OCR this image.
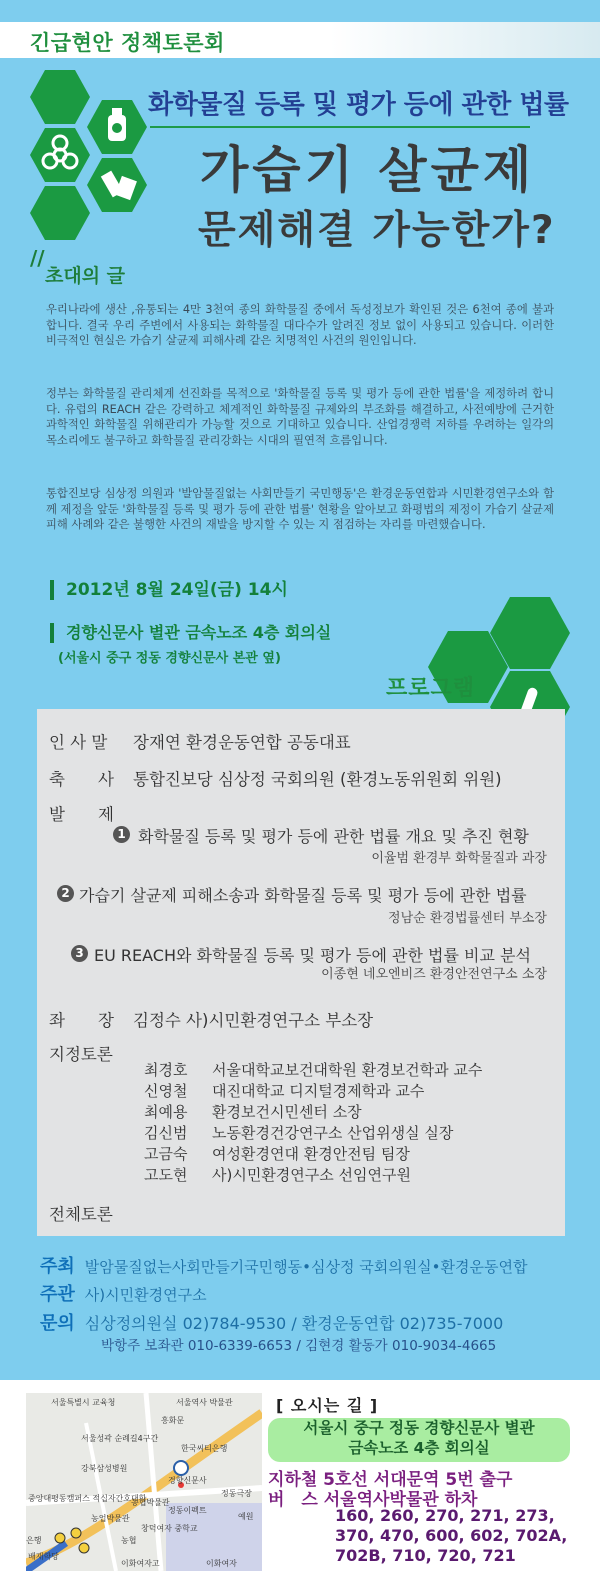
긴급현안 정책토론회
화학물질 등록 및 평가 등에 관한 법률
가습기 살균제
문제해결 가능한가?
//
초대의 글

우리나라에 생산 ,유통되는 4만 3천여 종의 화학물질 중에서 독성정보가 확인된 것은 6천여 종에 불과합니다. 결국 우리 주변에서 사용되는 화학물질 대다수가 알려진 정보 없이 사용되고 있습니다. 이러한 비극적인 현실은 가습기 살균제 피해사례 같은 치명적인 사건의 원인입니다.

정부는 화학물질 관리체계 선진화를 목적으로 '화학물질 등록 및 평가 등에 관한 법률'을 제정하려 합니다. 유럽의 REACH 같은 강력하고 체계적인 화학물질 규제와의 부조화를 해결하고, 사전예방에 근거한 과학적인 화학물질 위해관리가 가능할 것으로 기대하고 있습니다. 산업경쟁력 저하를 우려하는 일각의 목소리에도 불구하고 화학물질 관리강화는 시대의 필연적 흐름입니다.

통합진보당 심상정 의원과 '발암물질없는 사회만들기 국민행동'은 환경운동연합과 시민환경연구소와 함께 제정을 앞둔 '화학물질 등록 및 평가 등에 관한 법률' 현황을 알아보고 화평법의 제정이 가습기 살균제 피해 사례와 같은 불행한 사건의 재발을 방지할 수 있는 지 점검하는 자리를 마련했습니다.

2012년 8월 24일(금) 14시
경향신문사 별관 금속노조 4층 회의실
(서울시 중구 정동 경향신문사 본관 옆)
프로그램
인 사 말 장재연 환경운동연합 공동대표
축　　사 통합진보당 심상정 국회의원 (환경노동위원회 위원)
발　　제
1 화학물질 등록 및 평가 등에 관한 법률 개요 및 추진 현황
이율범 환경부 화학물질과 과장
2 가습기 살균제 피해소송과 화학물질 등록 및 평가 등에 관한 법률
정남순 환경법률센터 부소장
3 EU REACH와 화학물질 등록 및 평가 등에 관한 법률 비교 분석
이종현 네오엔비즈 환경안전연구소 소장
좌　　장 김정수 사)시민환경연구소 부소장
지정토론
최경호 서울대학교보건대학원 환경보건학과 교수
신영철 대진대학교 디지털경제학과 교수
최예용 환경보건시민센터 소장
김신범 노동환경건강연구소 산업위생실 실장
고금숙 여성환경연대 환경안전팀 팀장
고도현 사)시민환경연구소 선임연구원
전체토론
주최 발암물질없는사회만들기국민행동•심상정 국회의원실•환경운동연합
주관 사)시민환경연구소
문의 심상정의원실 02)784-9530 / 환경운동연합 02)735-7000
박항주 보좌관 010-6339-6653 / 김현경 활동가 010-9034-4665
서울특별시 교육청	서울역사 박물관
흥화문
서울성곽 순례길4구간
한국씨티은행
강북삼성병원
경향신문사
정동극장
중앙대평동캠퍼스 적십자간호대학
농협박물관
정동이펙트
농업박물관
창덕여자 중학교
은행	농협
이화여자고	이화여자
배재학당
예원
[ 오시는 길 ]
서울시 중구 정동 경향신문사 별관
금속노조 4층 회의실
지하철 5호선 서대문역 5번 출구
버　스 서울역사박물관 하차
160, 260, 270, 271, 273, 370, 470, 600, 602, 702A, 702B, 710, 720, 721
